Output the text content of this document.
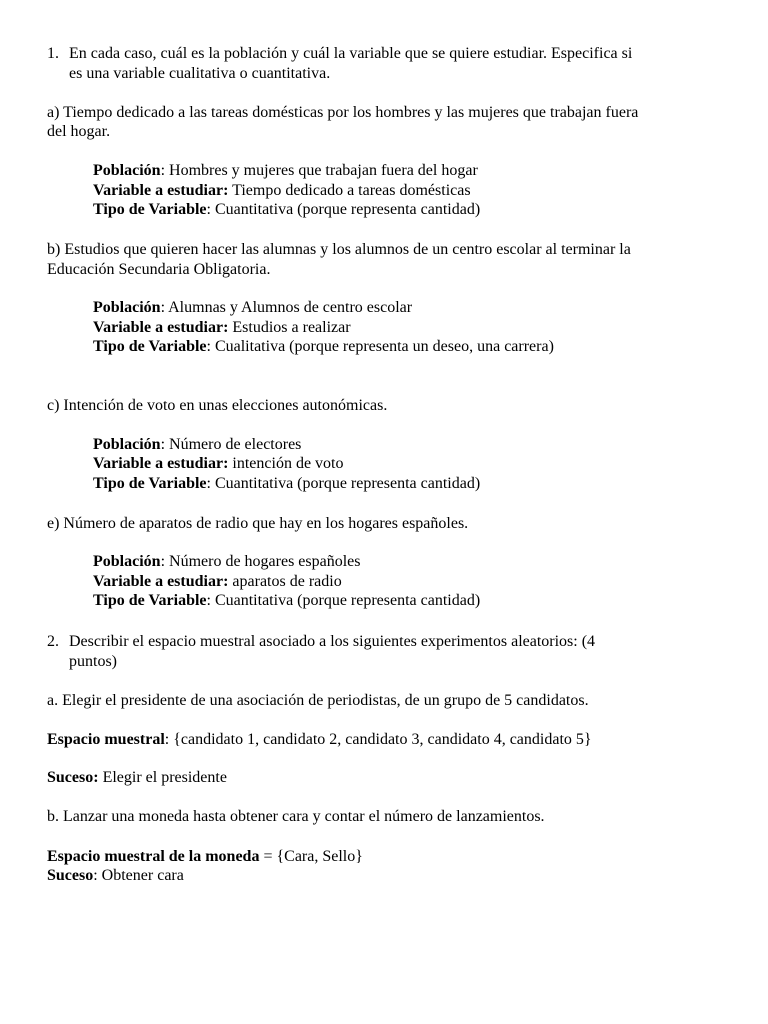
1. En cada caso, cuál es la población y cuál la variable que se quiere estudiar. Especifica si
es una variable cualitativa o cuantitativa.
a) Tiempo dedicado a las tareas domésticas por los hombres y las mujeres que trabajan fuera
del hogar.
Población: Hombres y mujeres que trabajan fuera del hogar
Variable a estudiar: Tiempo dedicado a tareas domésticas
Tipo de Variable: Cuantitativa (porque representa cantidad)
b) Estudios que quieren hacer las alumnas y los alumnos de un centro escolar al terminar la
Educación Secundaria Obligatoria.
Población: Alumnas y Alumnos de centro escolar
Variable a estudiar: Estudios a realizar
Tipo de Variable: Cualitativa (porque representa un deseo, una carrera)
c) Intención de voto en unas elecciones autonómicas.
Población: Número de electores
Variable a estudiar: intención de voto
Tipo de Variable: Cuantitativa (porque representa cantidad)
e) Número de aparatos de radio que hay en los hogares españoles.
Población: Número de hogares españoles
Variable a estudiar: aparatos de radio
Tipo de Variable: Cuantitativa (porque representa cantidad)
2. Describir el espacio muestral asociado a los siguientes experimentos aleatorios: (4
puntos)
a. Elegir el presidente de una asociación de periodistas, de un grupo de 5 candidatos.
Espacio muestral: {candidato 1, candidato 2, candidato 3, candidato 4, candidato 5}
Suceso: Elegir el presidente
b. Lanzar una moneda hasta obtener cara y contar el número de lanzamientos.
Espacio muestral de la moneda = {Cara, Sello}
Suceso: Obtener cara
